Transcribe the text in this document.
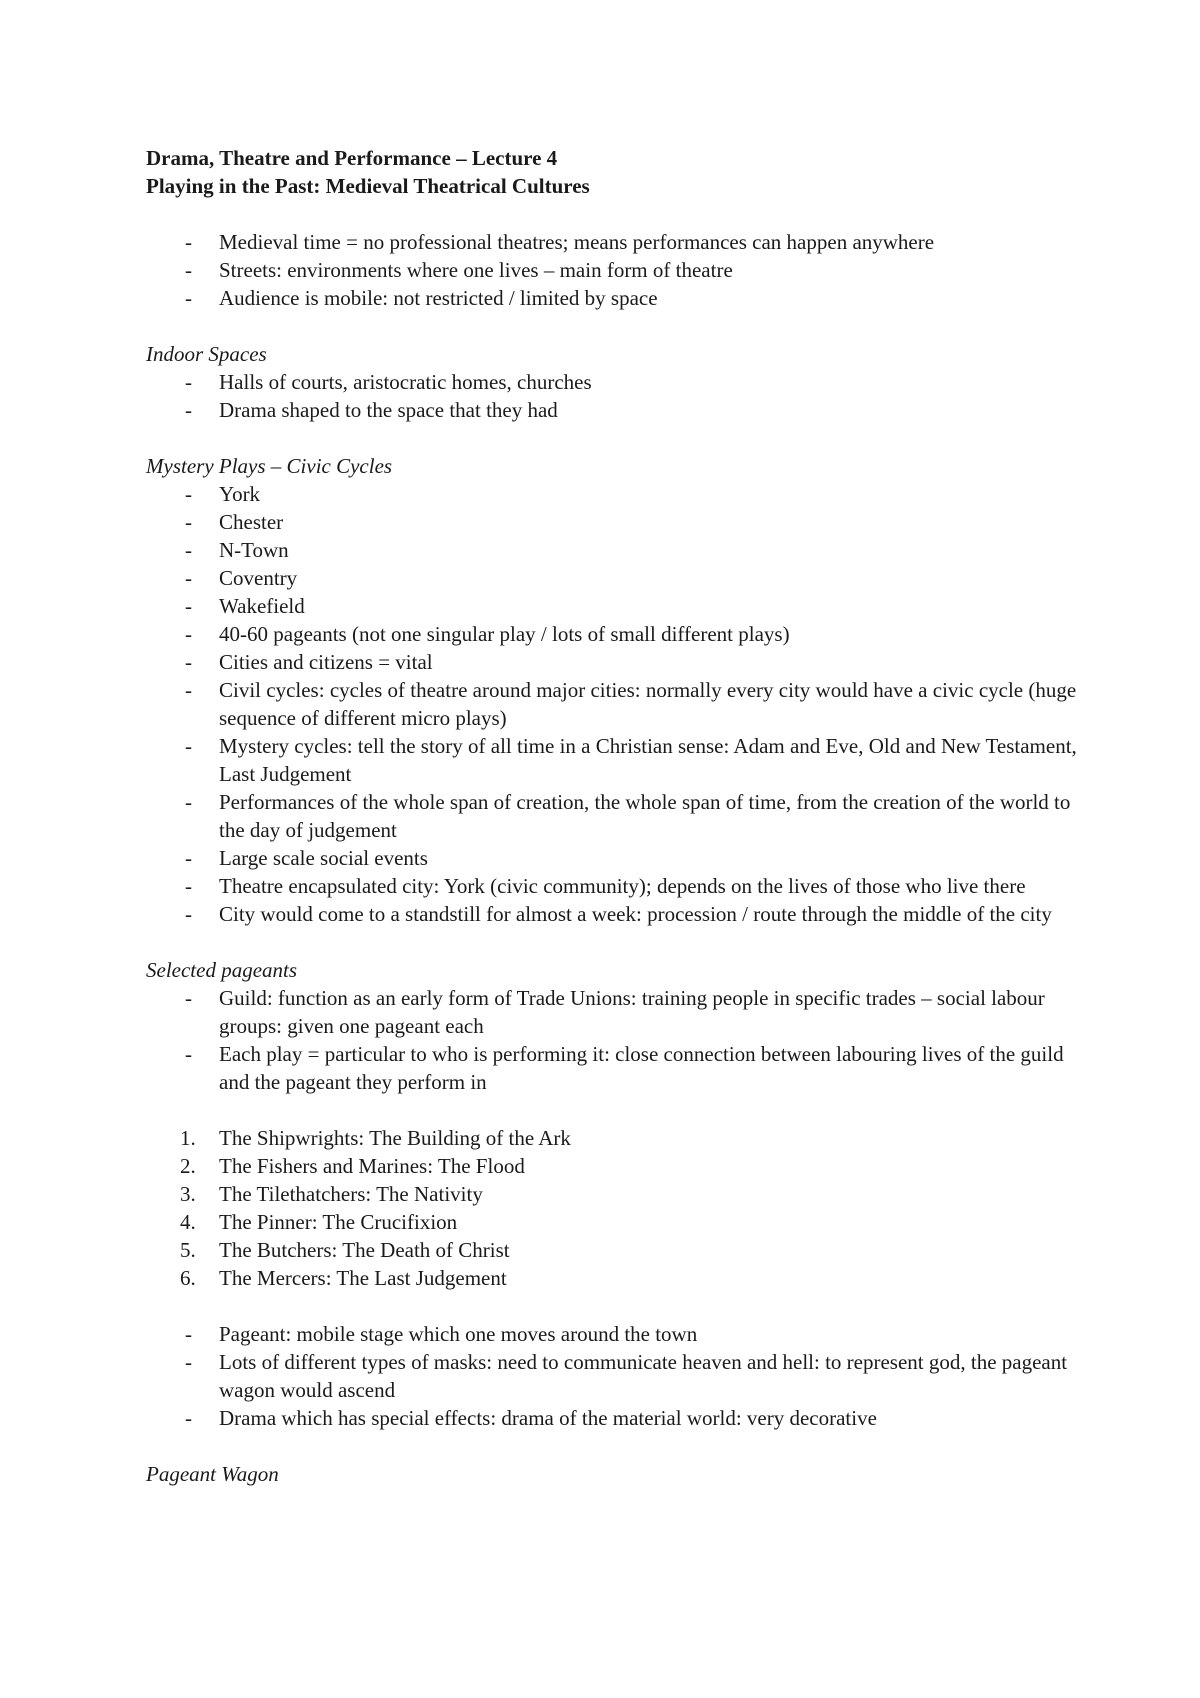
Drama, Theatre and Performance – Lecture 4

Playing in the Past: Medieval Theatrical Cultures

- Medieval time = no professional theatres; means performances can happen anywhere
- Streets: environments where one lives – main form of theatre
- Audience is mobile: not restricted / limited by space

Indoor Spaces

- Halls of courts, aristocratic homes, churches
- Drama shaped to the space that they had

Mystery Plays – Civic Cycles

- York
- Chester
- N-Town
- Coventry
- Wakefield
- 40-60 pageants (not one singular play / lots of small different plays)
- Cities and citizens = vital
- Civil cycles: cycles of theatre around major cities: normally every city would have a civic cycle (huge sequence of different micro plays)
- Mystery cycles: tell the story of all time in a Christian sense: Adam and Eve, Old and New Testament, Last Judgement
- Performances of the whole span of creation, the whole span of time, from the creation of the world to the day of judgement
- Large scale social events
- Theatre encapsulated city: York (civic community); depends on the lives of those who live there
- City would come to a standstill for almost a week: procession / route through the middle of the city

Selected pageants

- Guild: function as an early form of Trade Unions: training people in specific trades – social labour groups: given one pageant each
- Each play = particular to who is performing it: close connection between labouring lives of the guild and the pageant they perform in
1. The Shipwrights: The Building of the Ark
2. The Fishers and Marines: The Flood
3. The Tilethatchers: The Nativity
4. The Pinner: The Crucifixion
5. The Butchers: The Death of Christ
6. The Mercers: The Last Judgement
- Pageant: mobile stage which one moves around the town
- Lots of different types of masks: need to communicate heaven and hell: to represent god, the pageant wagon would ascend
- Drama which has special effects: drama of the material world: very decorative

Pageant Wagon
